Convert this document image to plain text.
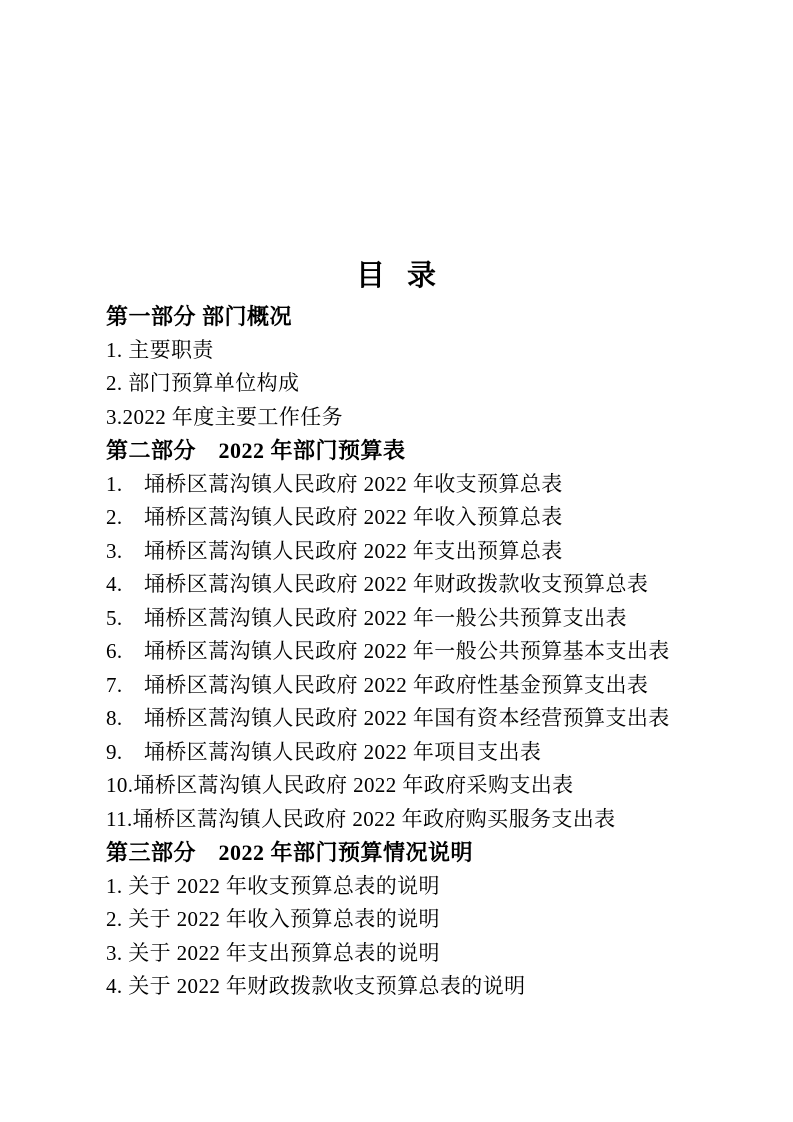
目 录
第一部分 部门概况
1. 主要职责
2. 部门预算单位构成
3.2022 年度主要工作任务
第二部分　2022 年部门预算表
1.　埇桥区蒿沟镇人民政府 2022 年收支预算总表
2.　埇桥区蒿沟镇人民政府 2022 年收入预算总表
3.　埇桥区蒿沟镇人民政府 2022 年支出预算总表
4.　埇桥区蒿沟镇人民政府 2022 年财政拨款收支预算总表
5.　埇桥区蒿沟镇人民政府 2022 年一般公共预算支出表
6.　埇桥区蒿沟镇人民政府 2022 年一般公共预算基本支出表
7.　埇桥区蒿沟镇人民政府 2022 年政府性基金预算支出表
8.　埇桥区蒿沟镇人民政府 2022 年国有资本经营预算支出表
9.　埇桥区蒿沟镇人民政府 2022 年项目支出表
10.埇桥区蒿沟镇人民政府 2022 年政府采购支出表
11.埇桥区蒿沟镇人民政府 2022 年政府购买服务支出表
第三部分　2022 年部门预算情况说明
1. 关于 2022 年收支预算总表的说明
2. 关于 2022 年收入预算总表的说明
3. 关于 2022 年支出预算总表的说明
4. 关于 2022 年财政拨款收支预算总表的说明
